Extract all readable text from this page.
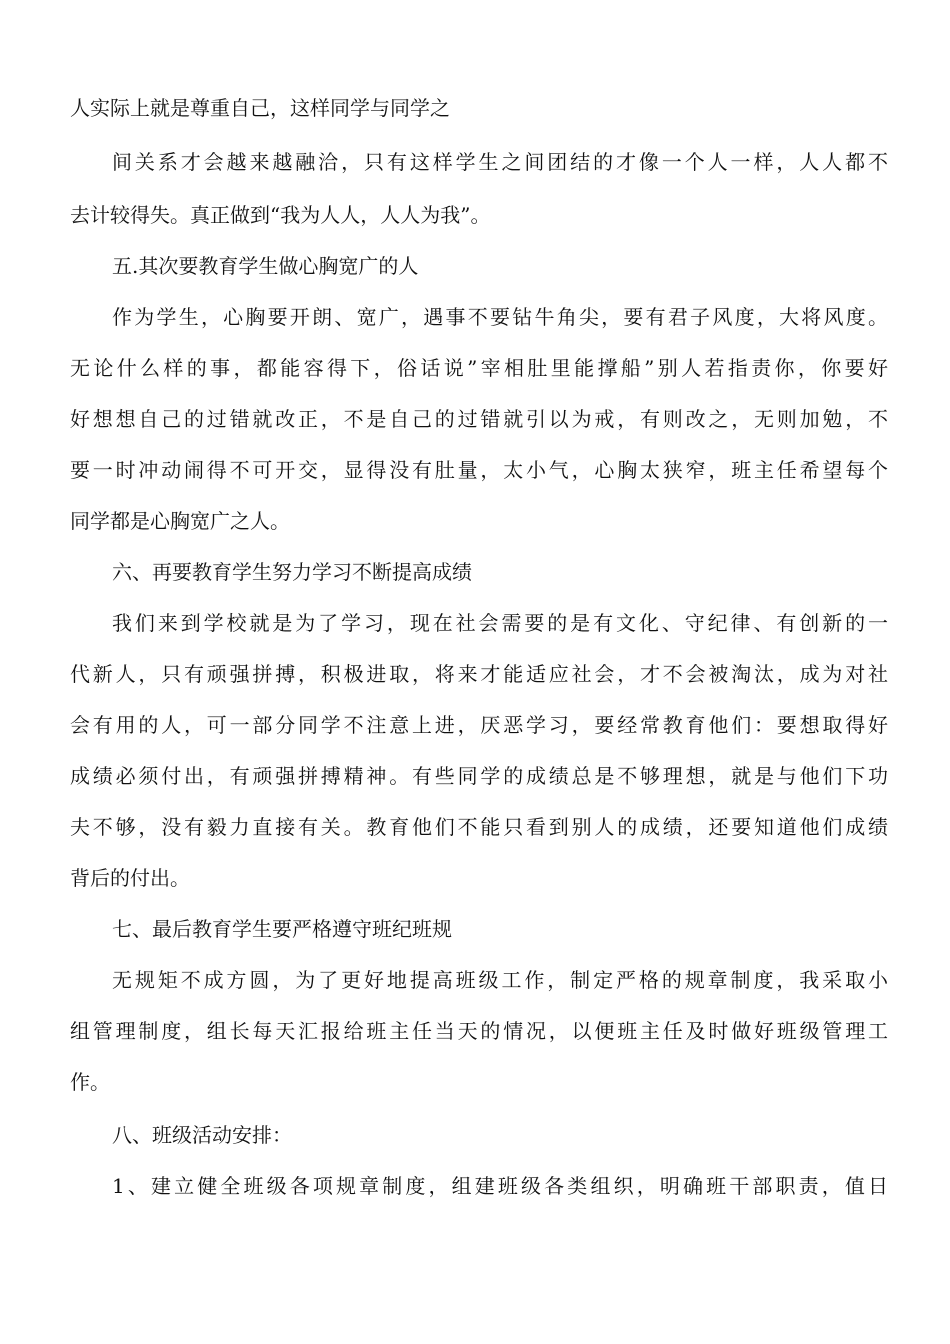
人实际上就是尊重自己，这样同学与同学之
间关系才会越来越融洽，只有这样学生之间团结的才像一个人一样，人人都不
去计较得失。真正做到“我为人人，人人为我”。
五.其次要教育学生做心胸宽广的人
作为学生，心胸要开朗、宽广，遇事不要钻牛角尖，要有君子风度，大将风度。
无论什么样的事，都能容得下，俗话说”宰相肚里能撑船”别人若指责你，你要好
好想想自己的过错就改正，不是自己的过错就引以为戒，有则改之，无则加勉，不
要一时冲动闹得不可开交，显得没有肚量，太小气，心胸太狭窄，班主任希望每个
同学都是心胸宽广之人。
六、再要教育学生努力学习不断提高成绩
我们来到学校就是为了学习，现在社会需要的是有文化、守纪律、有创新的一
代新人，只有顽强拼搏，积极进取，将来才能适应社会，才不会被淘汰，成为对社
会有用的人，可一部分同学不注意上进，厌恶学习，要经常教育他们：要想取得好
成绩必须付出，有顽强拼搏精神。有些同学的成绩总是不够理想，就是与他们下功
夫不够，没有毅力直接有关。教育他们不能只看到别人的成绩，还要知道他们成绩
背后的付出。
七、最后教育学生要严格遵守班纪班规
无规矩不成方圆，为了更好地提高班级工作，制定严格的规章制度，我采取小
组管理制度，组长每天汇报给班主任当天的情况，以便班主任及时做好班级管理工
作。
八、班级活动安排：
1、建立健全班级各项规章制度，组建班级各类组织，明确班干部职责，值日
